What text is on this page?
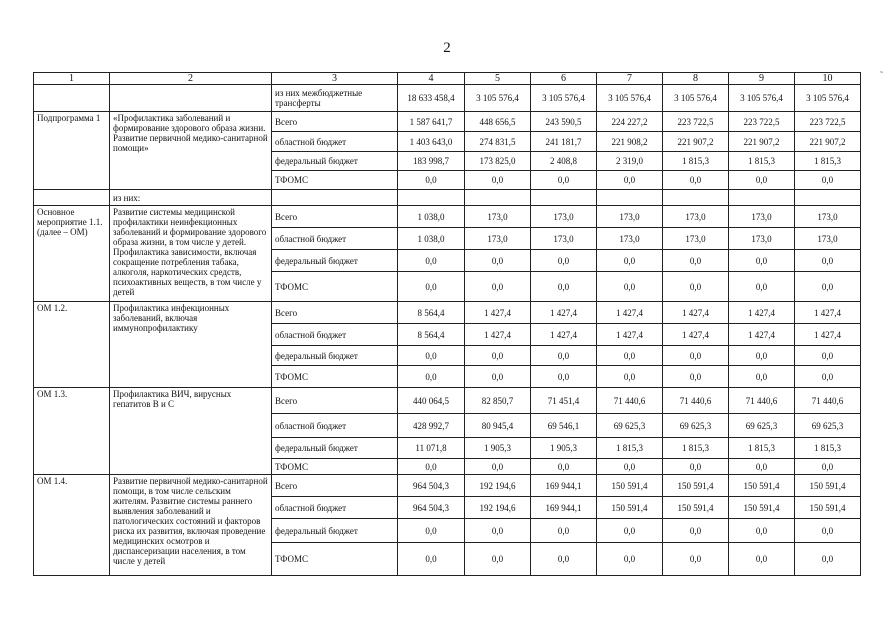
2
1	2	3	4	5	6	7	8	9	10
		из них межбюджетные трансферты	18 633 458,4	3 105 576,4	3 105 576,4	3 105 576,4	3 105 576,4	3 105 576,4	3 105 576,4
Подпрограмма 1	«Профилактика заболеваний и формирование здорового образа жизни. Развитие первичной медико-санитарной помощи»	Всего	1 587 641,7	448 656,5	243 590,5	224 227,2	223 722,5	223 722,5	223 722,5
		областной бюджет	1 403 643,0	274 831,5	241 181,7	221 908,2	221 907,2	221 907,2	221 907,2
		федеральный бюджет	183 998,7	173 825,0	2 408,8	2 319,0	1 815,3	1 815,3	1 815,3
		ТФОМС	0,0	0,0	0,0	0,0	0,0	0,0	0,0
	из них:								
Основное мероприятие 1.1. (далее – ОМ)	Развитие системы медицинской профилактики неинфекционных заболеваний и формирование здорового образа жизни, в том числе у детей. Профилактика зависимости, включая сокращение потребления табака, алкоголя, наркотических средств, психоактивных веществ, в том числе у детей	Всего	1 038,0	173,0	173,0	173,0	173,0	173,0	173,0
		областной бюджет	1 038,0	173,0	173,0	173,0	173,0	173,0	173,0
		федеральный бюджет	0,0	0,0	0,0	0,0	0,0	0,0	0,0
		ТФОМС	0,0	0,0	0,0	0,0	0,0	0,0	0,0
ОМ 1.2.	Профилактика инфекционных заболеваний, включая иммунопрофилактику	Всего	8 564,4	1 427,4	1 427,4	1 427,4	1 427,4	1 427,4	1 427,4
		областной бюджет	8 564,4	1 427,4	1 427,4	1 427,4	1 427,4	1 427,4	1 427,4
		федеральный бюджет	0,0	0,0	0,0	0,0	0,0	0,0	0,0
		ТФОМС	0,0	0,0	0,0	0,0	0,0	0,0	0,0
ОМ 1.3.	Профилактика ВИЧ, вирусных гепатитов В и С	Всего	440 064,5	82 850,7	71 451,4	71 440,6	71 440,6	71 440,6	71 440,6
		областной бюджет	428 992,7	80 945,4	69 546,1	69 625,3	69 625,3	69 625,3	69 625,3
		федеральный бюджет	11 071,8	1 905,3	1 905,3	1 815,3	1 815,3	1 815,3	1 815,3
		ТФОМС	0,0	0,0	0,0	0,0	0,0	0,0	0,0
ОМ 1.4.	Развитие первичной медико-санитарной помощи, в том числе сельским жителям. Развитие системы раннего выявления заболеваний и патологических состояний и факторов риска их развития, включая проведение медицинских осмотров и диспансеризации населения, в том числе у детей	Всего	964 504,3	192 194,6	169 944,1	150 591,4	150 591,4	150 591,4	150 591,4
		областной бюджет	964 504,3	192 194,6	169 944,1	150 591,4	150 591,4	150 591,4	150 591,4
		федеральный бюджет	0,0	0,0	0,0	0,0	0,0	0,0	0,0
		ТФОМС	0,0	0,0	0,0	0,0	0,0	0,0	0,0
˜
